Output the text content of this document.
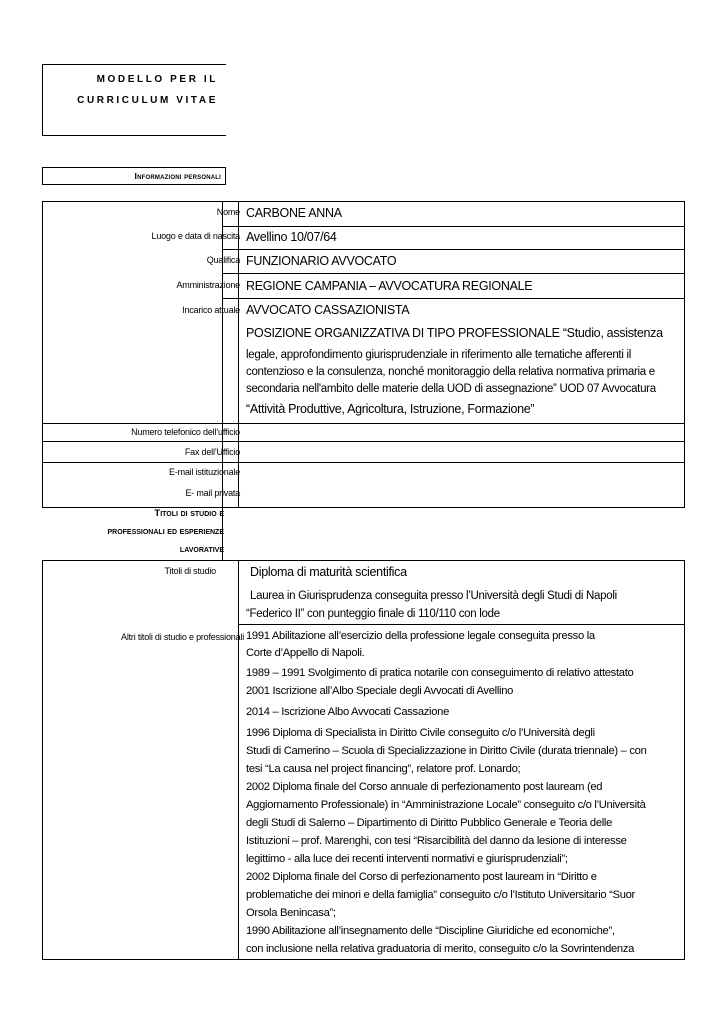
MODELLO PER IL
CURRICULUM VITAE
Informazioni personali
Nome CARBONE ANNA
Luogo e data di nascita Avellino 10/07/64
Qualifica FUNZIONARIO AVVOCATO
Amministrazione REGIONE CAMPANIA – AVVOCATURA REGIONALE
Incarico attuale AVVOCATO CASSAZIONISTA
POSIZIONE ORGANIZZATIVA DI TIPO PROFESSIONALE “Studio, assistenza
legale, approfondimento giurisprudenziale in riferimento alle tematiche afferenti il
contenzioso e la consulenza, nonché monitoraggio della relativa normativa primaria e
secondaria nell'ambito delle materie della UOD di assegnazione” UOD 07 Avvocatura
“Attività Produttive, Agricoltura, Istruzione, Formazione”
Numero telefonico dell’ufficio
Fax dell’Ufficio
E-mail istituzionale
E- mail privata
Titoli di studio e
professionali ed esperienze
lavorative
Titoli di studio	Diploma di maturità scientifica
Laurea in Giurisprudenza conseguita presso l’Università degli Studi di Napoli
“Federico II” con punteggio finale di 110/110 con lode
Altri titoli di studio e professionali 1991 Abilitazione all’esercizio della professione legale conseguita presso la
Corte d’Appello di Napoli.
1989 – 1991 Svolgimento di pratica notarile con conseguimento di relativo attestato
2001 Iscrizione all’Albo Speciale degli Avvocati di Avellino
2014 – Iscrizione Albo Avvocati Cassazione
1996 Diploma di Specialista in Diritto Civile conseguito c/o l’Università degli
Studi di Camerino – Scuola di Specializzazione in Diritto Civile (durata triennale) – con
tesi “La causa nel project financing”, relatore prof. Lonardo;
2002 Diploma finale del Corso annuale di perfezionamento post lauream (ed
Aggiornamento Professionale) in “Amministrazione Locale” conseguito c/o l’Università
degli Studi di Salerno – Dipartimento di Diritto Pubblico Generale e Teoria delle
Istituzioni – prof. Marenghi, con tesi “Risarcibilità del danno da lesione di interesse
legittimo - alla luce dei recenti interventi normativi e giurisprudenziali”;
2002 Diploma finale del Corso di perfezionamento post lauream in “Diritto e
problematiche dei minori e della famiglia” conseguito c/o l’Istituto Universitario “Suor
Orsola Benincasa”;
1990 Abilitazione all’insegnamento delle “Discipline Giuridiche ed economiche”,
con inclusione nella relativa graduatoria di merito, conseguito c/o la Sovrintendenza
